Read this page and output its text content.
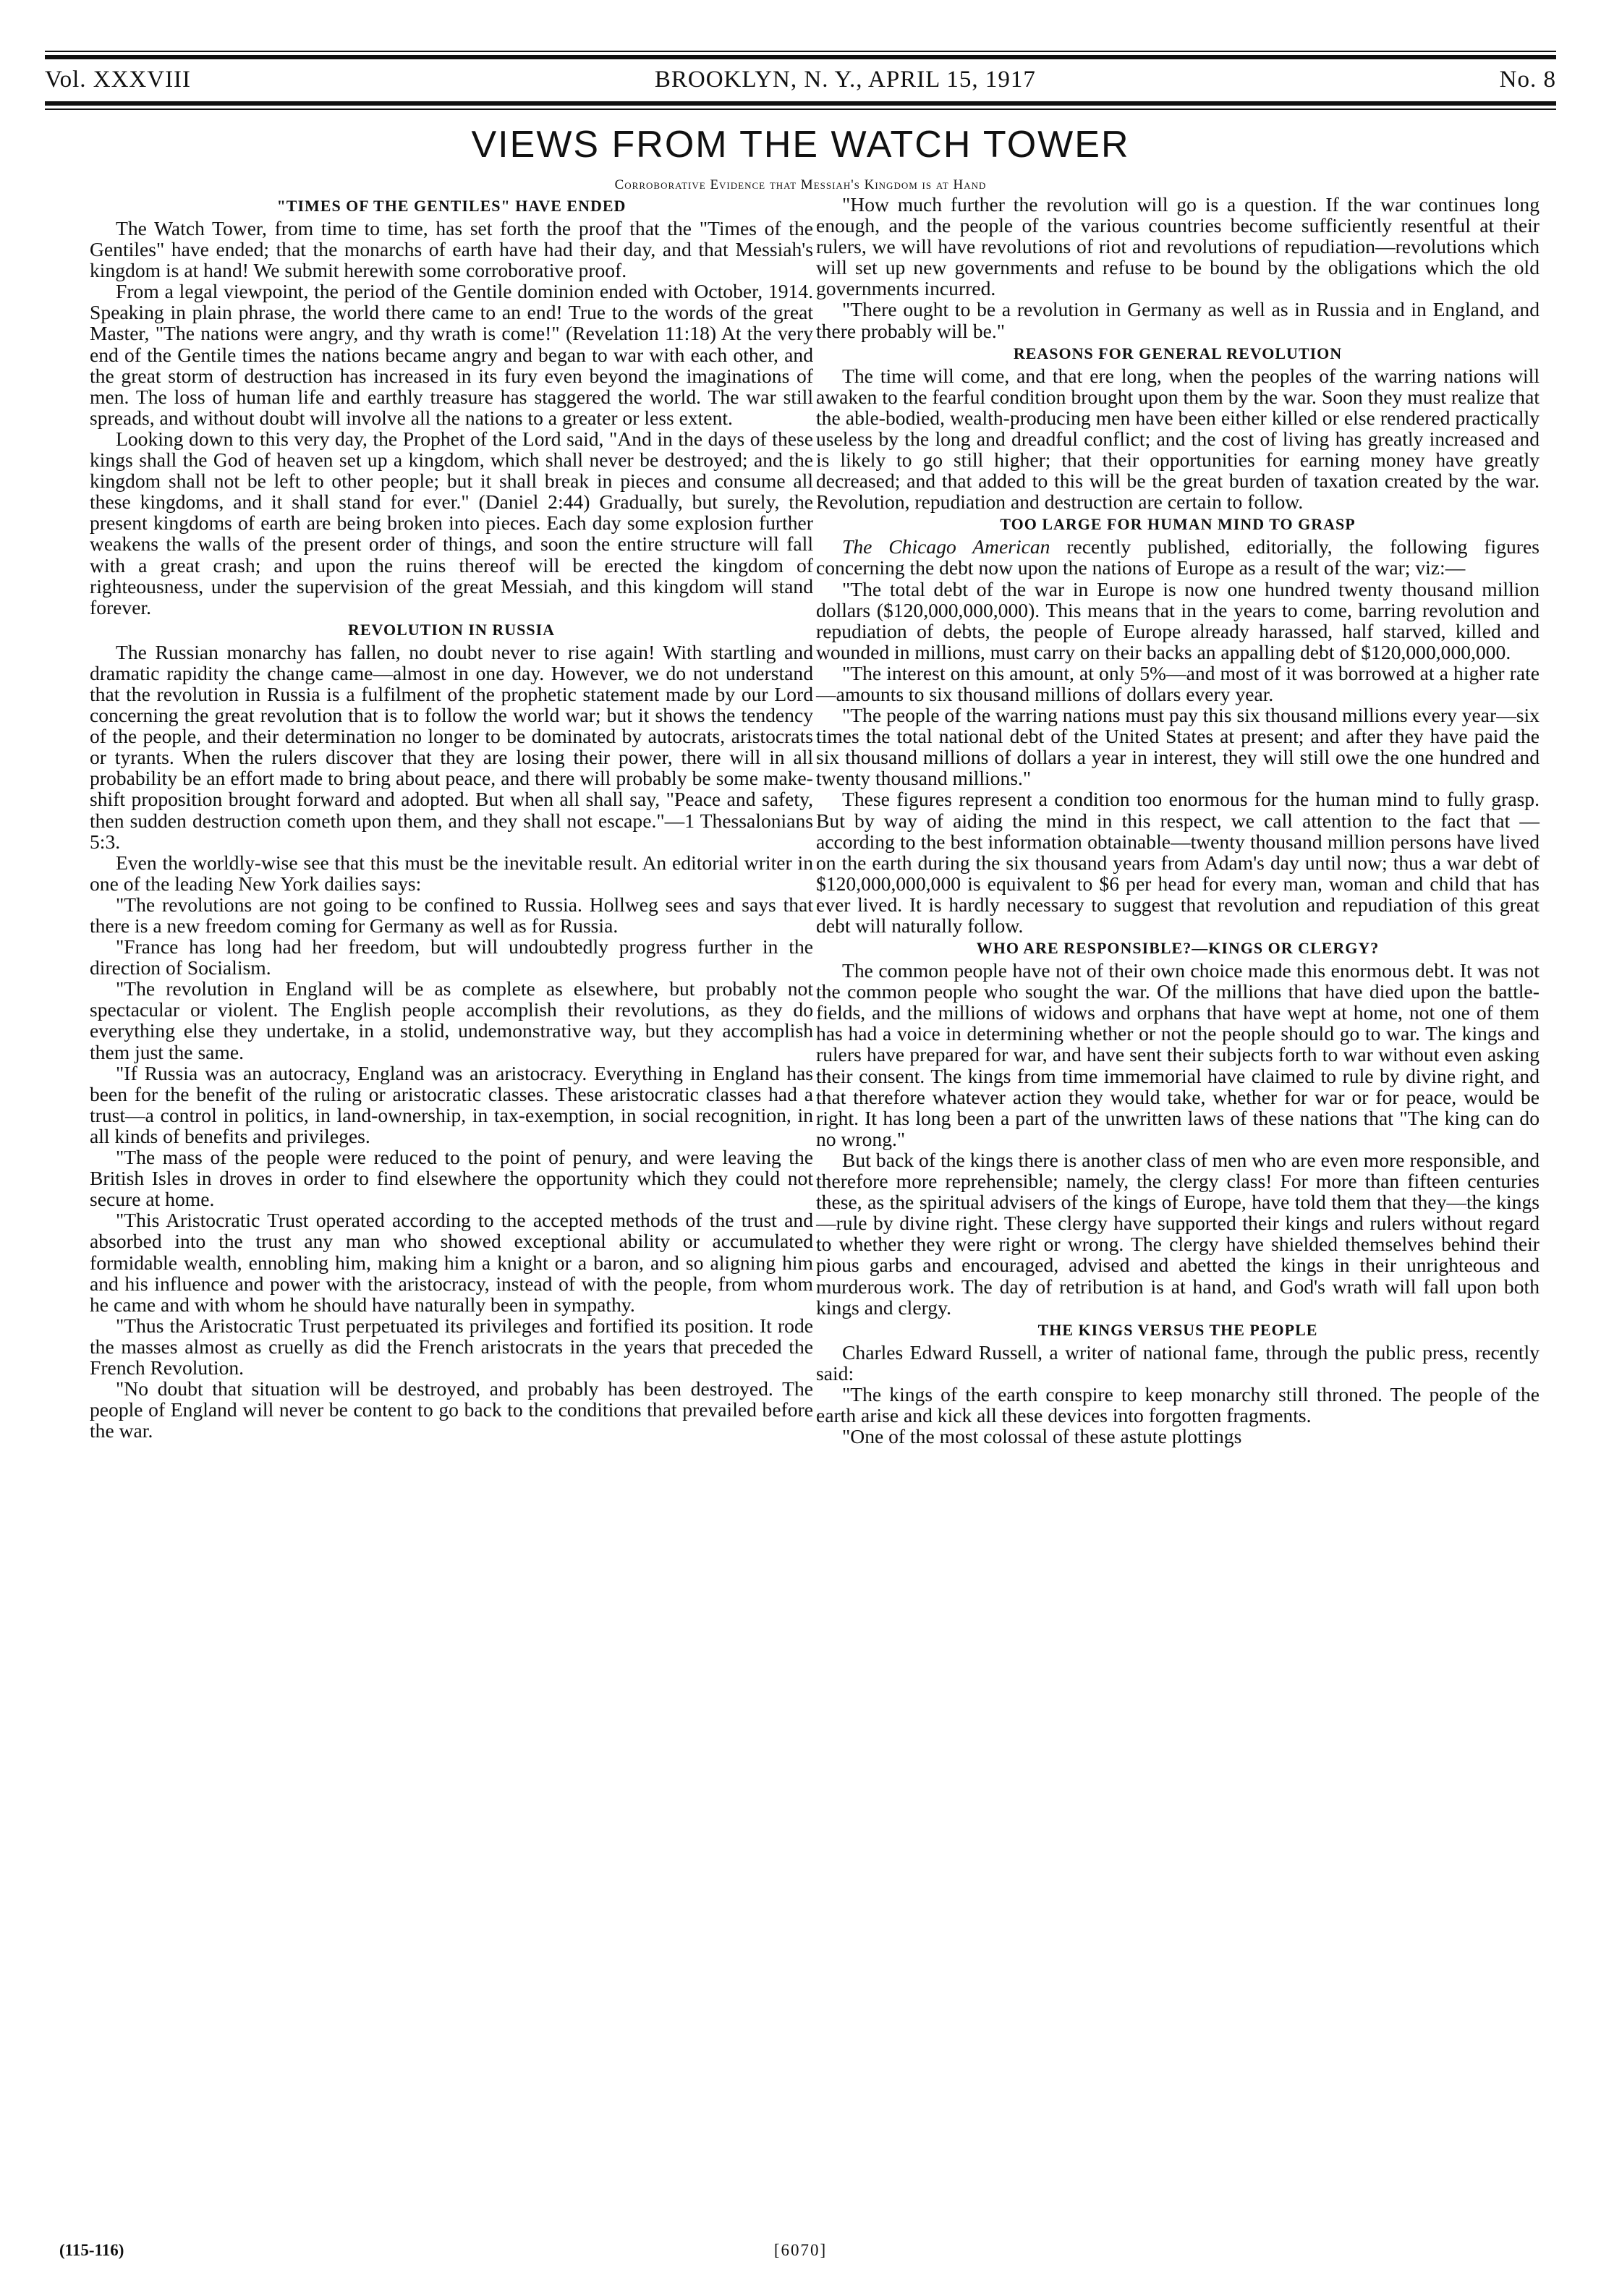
Vol. XXXVIII	BROOKLYN, N. Y., APRIL 15, 1917	No. 8
VIEWS FROM THE WATCH TOWER
Corroborative Evidence that Messiah's Kingdom is at Hand
"TIMES OF THE GENTILES" HAVE ENDED

The Watch Tower, from time to time, has set forth the proof that the "Times of the Gentiles" have ended; that the monarchs of earth have had their day, and that Messiah's kingdom is at hand! We submit herewith some corroborative proof.

From a legal viewpoint, the period of the Gentile dominion ended with October, 1914. Speaking in plain phrase, the world there came to an end! True to the words of the great Master, "The nations were angry, and thy wrath is come!" (Revelation 11:18) At the very end of the Gentile times the nations became angry and began to war with each other, and the great storm of destruction has increased in its fury even beyond the imaginations of men. The loss of human life and earthly treasure has staggered the world. The war still spreads, and without doubt will involve all the nations to a greater or less extent.

Looking down to this very day, the Prophet of the Lord said, "And in the days of these kings shall the God of heaven set up a kingdom, which shall never be destroyed; and the kingdom shall not be left to other people; but it shall break in pieces and consume all these kingdoms, and it shall stand for ever." (Daniel 2:44) Gradually, but surely, the present kingdoms of earth are being broken into pieces. Each day some explosion further weakens the walls of the present order of things, and soon the entire structure will fall with a great crash; and upon the ruins thereof will be erected the kingdom of righteousness, under the supervision of the great Messiah, and this kingdom will stand forever.

REVOLUTION IN RUSSIA

The Russian monarchy has fallen, no doubt never to rise again! With startling and dramatic rapidity the change came—almost in one day. However, we do not understand that the revolution in Russia is a fulfilment of the prophetic statement made by our Lord concerning the great revolution that is to follow the world war; but it shows the tendency of the people, and their determination no longer to be dominated by autocrats, aristocrats or tyrants. When the rulers discover that they are losing their power, there will in all probability be an effort made to bring about peace, and there will probably be some make-shift proposition brought forward and adopted. But when all shall say, "Peace and safety, then sudden destruction cometh upon them, and they shall not escape."—1 Thessalonians 5:3.

Even the worldly-wise see that this must be the inevitable result. An editorial writer in one of the leading New York dailies says:

"The revolutions are not going to be confined to Russia. Hollweg sees and says that there is a new freedom coming for Germany as well as for Russia.

"France has long had her freedom, but will undoubtedly progress further in the direction of Socialism.

"The revolution in England will be as complete as elsewhere, but probably not spectacular or violent. The English people accomplish their revolutions, as they do everything else they undertake, in a stolid, undemonstrative way, but they accomplish them just the same.

"If Russia was an autocracy, England was an aristocracy. Everything in England has been for the benefit of the ruling or aristocratic classes. These aristocratic classes had a trust—a control in politics, in land-ownership, in tax-exemption, in social recognition, in all kinds of benefits and privileges.

"The mass of the people were reduced to the point of penury, and were leaving the British Isles in droves in order to find elsewhere the opportunity which they could not secure at home.

"This Aristocratic Trust operated according to the accepted methods of the trust and absorbed into the trust any man who showed exceptional ability or accumulated formidable wealth, ennobling him, making him a knight or a baron, and so aligning him and his influence and power with the aristocracy, instead of with the people, from whom he came and with whom he should have naturally been in sympathy.

"Thus the Aristocratic Trust perpetuated its privileges and fortified its position. It rode the masses almost as cruelly as did the French aristocrats in the years that preceded the French Revolution.

"No doubt that situation will be destroyed, and probably has been destroyed. The people of England will never be content to go back to the conditions that prevailed before the war.

"How much further the revolution will go is a question. If the war continues long enough, and the people of the various countries become sufficiently resentful at their rulers, we will have revolutions of riot and revolutions of repudiation—revolutions which will set up new governments and refuse to be bound by the obligations which the old governments incurred.

"There ought to be a revolution in Germany as well as in Russia and in England, and there probably will be."

REASONS FOR GENERAL REVOLUTION

The time will come, and that ere long, when the peoples of the warring nations will awaken to the fearful condition brought upon them by the war. Soon they must realize that the able-bodied, wealth-producing men have been either killed or else rendered practically useless by the long and dreadful conflict; and the cost of living has greatly increased and is likely to go still higher; that their opportunities for earning money have greatly decreased; and that added to this will be the great burden of taxation created by the war. Revolution, repudiation and destruction are certain to follow.

TOO LARGE FOR HUMAN MIND TO GRASP

The Chicago American recently published, editorially, the following figures concerning the debt now upon the nations of Europe as a result of the war; viz:—

"The total debt of the war in Europe is now one hundred twenty thousand million dollars ($120,000,000,000). This means that in the years to come, barring revolution and repudiation of debts, the people of Europe already harassed, half starved, killed and wounded in millions, must carry on their backs an appalling debt of $120,000,000,000.

"The interest on this amount, at only 5%—and most of it was borrowed at a higher rate—amounts to six thousand millions of dollars every year.

"The people of the warring nations must pay this six thousand millions every year—six times the total national debt of the United States at present; and after they have paid the six thousand millions of dollars a year in interest, they will still owe the one hundred and twenty thousand millions."

These figures represent a condition too enormous for the human mind to fully grasp. But by way of aiding the mind in this respect, we call attention to the fact that —according to the best information obtainable—twenty thousand million persons have lived on the earth during the six thousand years from Adam's day until now; thus a war debt of $120,000,000,000 is equivalent to $6 per head for every man, woman and child that has ever lived. It is hardly necessary to suggest that revolution and repudiation of this great debt will naturally follow.

WHO ARE RESPONSIBLE?—KINGS OR CLERGY?

The common people have not of their own choice made this enormous debt. It was not the common people who sought the war. Of the millions that have died upon the battle-fields, and the millions of widows and orphans that have wept at home, not one of them has had a voice in determining whether or not the people should go to war. The kings and rulers have prepared for war, and have sent their subjects forth to war without even asking their consent. The kings from time immemorial have claimed to rule by divine right, and that therefore whatever action they would take, whether for war or for peace, would be right. It has long been a part of the unwritten laws of these nations that "The king can do no wrong."

But back of the kings there is another class of men who are even more responsible, and therefore more reprehensible; namely, the clergy class! For more than fifteen centuries these, as the spiritual advisers of the kings of Europe, have told them that they—the kings—rule by divine right. These clergy have supported their kings and rulers without regard to whether they were right or wrong. The clergy have shielded themselves behind their pious garbs and encouraged, advised and abetted the kings in their unrighteous and murderous work. The day of retribution is at hand, and God's wrath will fall upon both kings and clergy.

THE KINGS VERSUS THE PEOPLE

Charles Edward Russell, a writer of national fame, through the public press, recently said:

"The kings of the earth conspire to keep monarchy still throned. The people of the earth arise and kick all these devices into forgotten fragments.

"One of the most colossal of these astute plottings

(115-116)	[6070]
